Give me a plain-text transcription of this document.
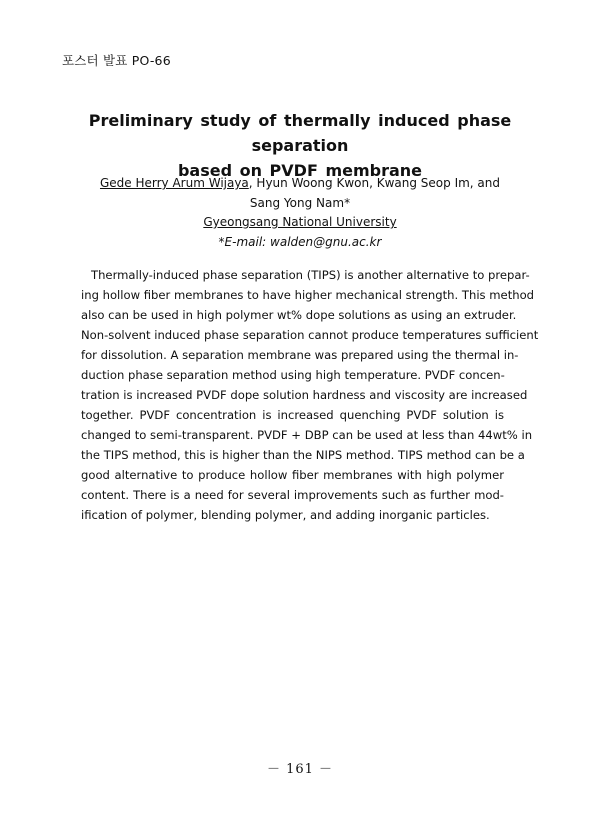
포스터 발표 PO-66
Preliminary study of thermally induced phase separation
based on PVDF membrane
Gede Herry Arum Wijaya, Hyun Woong Kwon, Kwang Seop Im, and
Sang Yong Nam*
Gyeongsang National University
*E-mail: walden@gnu.ac.kr
Thermally-induced phase separation (TIPS) is another alternative to prepar-
ing hollow fiber membranes to have higher mechanical strength. This method
also can be used in high polymer wt% dope solutions as using an extruder.
Non-solvent induced phase separation cannot produce temperatures sufficient
for dissolution. A separation membrane was prepared using the thermal in-
duction phase separation method using high temperature. PVDF concen-
tration is increased PVDF dope solution hardness and viscosity are increased
together. PVDF concentration is increased quenching PVDF solution is
changed to semi-transparent. PVDF + DBP can be used at less than 44wt% in
the TIPS method, this is higher than the NIPS method. TIPS method can be a
good alternative to produce hollow fiber membranes with high polymer
content. There is a need for several improvements such as further mod-
ification of polymer, blending polymer, and adding inorganic particles.
－ 161 －
